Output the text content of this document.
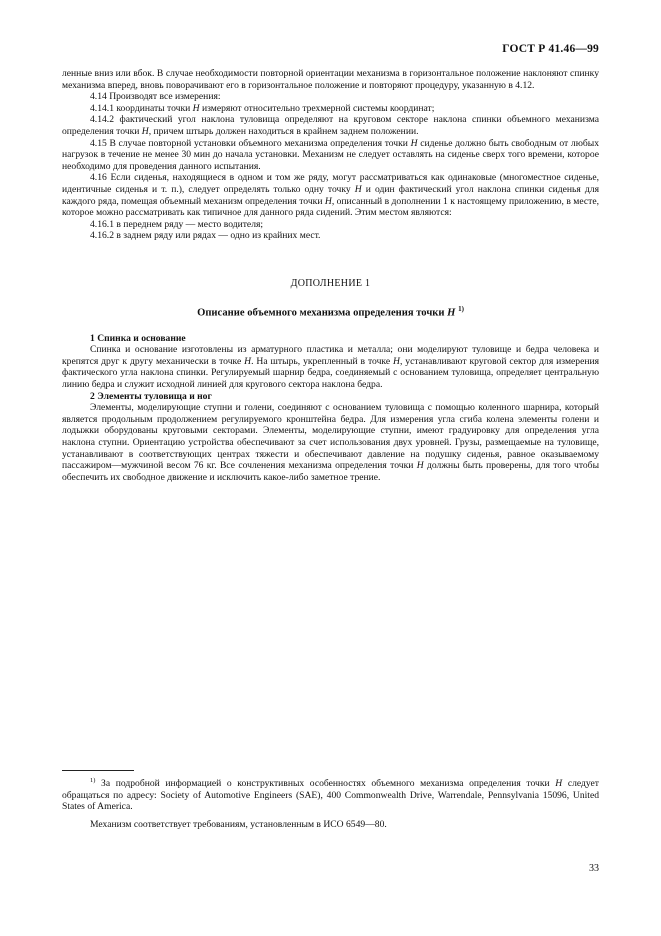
ГОСТ Р 41.46—99

ленные вниз или вбок. В случае необходимости повторной ориентации механизма в горизонтальное положение наклоняют спинку механизма вперед, вновь поворачивают его в горизонтальное положение и повторяют процедуру, указанную в 4.12.

4.14 Производят все измерения:

4.14.1 координаты точки H измеряют относительно трехмерной системы координат;

4.14.2 фактический угол наклона туловища определяют на круговом секторе наклона спинки объемного механизма определения точки H, причем штырь должен находиться в крайнем заднем положении.

4.15 В случае повторной установки объемного механизма определения точки H сиденье должно быть свободным от любых нагрузок в течение не менее 30 мин до начала установки. Механизм не следует оставлять на сиденье сверх того времени, которое необходимо для проведения данного испытания.

4.16 Если сиденья, находящиеся в одном и том же ряду, могут рассматриваться как одинаковые (многоместное сиденье, идентичные сиденья и т. п.), следует определять только одну точку H и один фактический угол наклона спинки сиденья для каждого ряда, помещая объемный механизм определения точки H, описанный в дополнении 1 к настоящему приложению, в месте, которое можно рассматривать как типичное для данного ряда сидений. Этим местом являются:

4.16.1 в переднем ряду — место водителя;

4.16.2 в заднем ряду или рядах — одно из крайних мест.

ДОПОЛНЕНИЕ 1

Описание объемного механизма определения точки H $^{1)}$

1 Спинка и основание

Спинка и основание изготовлены из арматурного пластика и металла; они моделируют туловище и бедра человека и крепятся друг к другу механически в точке H. На штырь, укрепленный в точке H, устанавливают круговой сектор для измерения фактического угла наклона спинки. Регулируемый шарнир бедра, соединяемый с основанием туловища, определяет центральную линию бедра и служит исходной линией для кругового сектора наклона бедра.

2 Элементы туловища и ног

Элементы, моделирующие ступни и голени, соединяют с основанием туловища с помощью коленного шарнира, который является продольным продолжением регулируемого кронштейна бедра. Для измерения угла сгиба колена элементы голени и лодыжки оборудованы круговыми секторами. Элементы, моделирующие ступни, имеют градуировку для определения угла наклона ступни. Ориентацию устройства обеспечивают за счет использования двух уровней. Грузы, размещаемые на туловище, устанавливают в соответствующих центрах тяжести и обеспечивают давление на подушку сиденья, равное оказываемому пассажиром—мужчиной весом 76 кг. Все сочленения механизма определения точки H должны быть проверены, для того чтобы обеспечить их свободное движение и исключить какое-либо заметное трение.

$^{1)}$ За подробной информацией о конструктивных особенностях объемного механизма определения точки H следует обращаться по адресу: Society of Automotive Engineers (SAE), 400 Commonwealth Drive, Warrendale, Pennsylvania 15096, United States of America.

Механизм соответствует требованиям, установленным в ИСО 6549—80.

33
